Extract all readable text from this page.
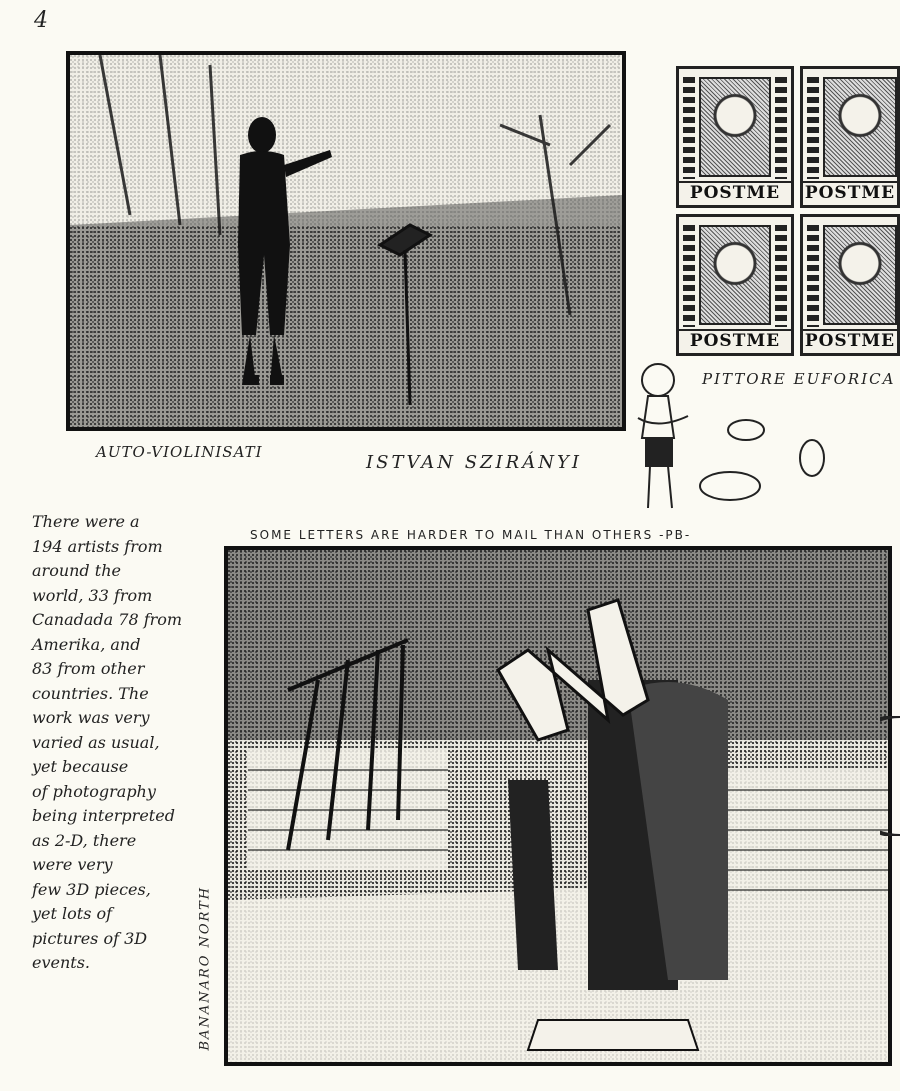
4
AUTO-VIOLINISATI	ISTVAN SZIRÁNYI
POSTME	POSTME
POSTME	POSTME
PITTORE EUFORICA
There were a
194 artists from
around the
world, 33 from
Canadada 78 from
Amerika, and
83 from other
countries. The
work was very
varied as usual,
yet because
of photography
being interpreted
as 2-D, there
were very
few 3D pieces,
yet lots of
pictures of 3D
events.
SOME LETTERS ARE HARDER TO MAIL THAN OTHERS -PB-
BANANARO NORTH
